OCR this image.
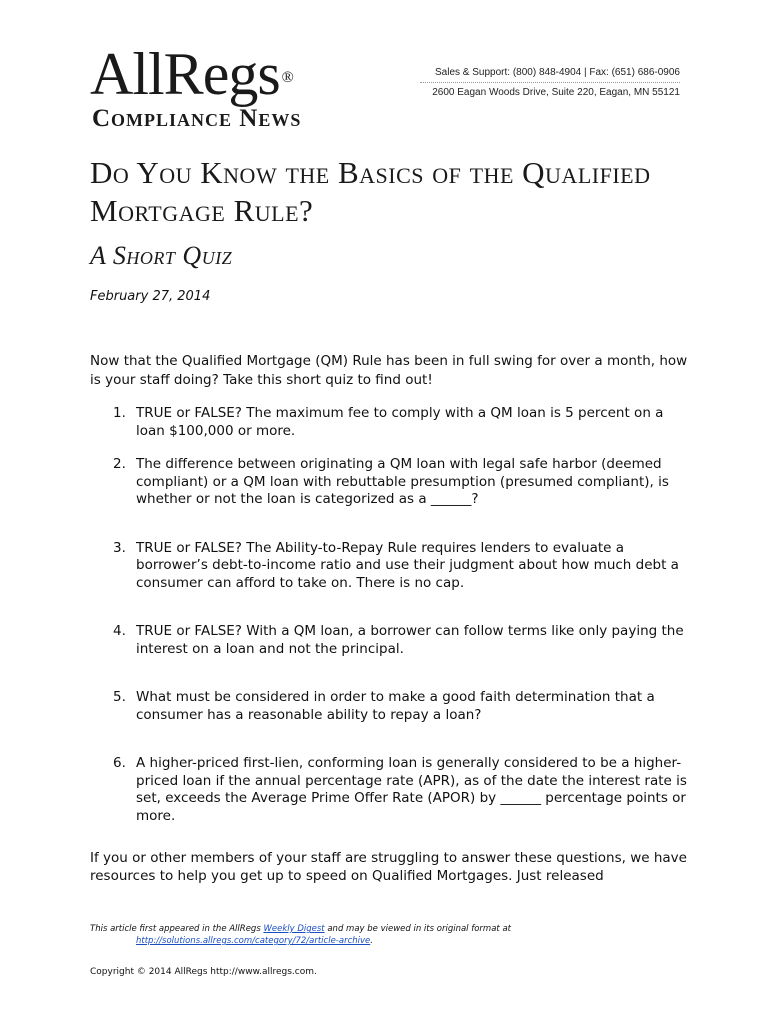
AllRegs ®
Compliance News
Sales & Support: (800) 848-4904 | Fax: (651) 686-0906
2600 Eagan Woods Drive, Suite 220, Eagan, MN 55121
Do You Know the Basics of the Qualified Mortgage Rule?
A Short Quiz
February 27, 2014
Now that the Qualified Mortgage (QM) Rule has been in full swing for over a month, how is your staff doing? Take this short quiz to find out!
1. TRUE or FALSE? The maximum fee to comply with a QM loan is 5 percent on a loan $100,000 or more.
2. The difference between originating a QM loan with legal safe harbor (deemed compliant) or a QM loan with rebuttable presumption (presumed compliant), is whether or not the loan is categorized as a ______?
3. TRUE or FALSE? The Ability-to-Repay Rule requires lenders to evaluate a borrower’s debt-to-income ratio and use their judgment about how much debt a consumer can afford to take on. There is no cap.
4. TRUE or FALSE? With a QM loan, a borrower can follow terms like only paying the interest on a loan and not the principal.
5. What must be considered in order to make a good faith determination that a consumer has a reasonable ability to repay a loan?
6. A higher-priced first-lien, conforming loan is generally considered to be a higher-priced loan if the annual percentage rate (APR), as of the date the interest rate is set, exceeds the Average Prime Offer Rate (APOR) by ______ percentage points or more.
If you or other members of your staff are struggling to answer these questions, we have resources to help you get up to speed on Qualified Mortgages. Just released
This article first appeared in the AllRegs Weekly Digest and may be viewed in its original format at
http://solutions.allregs.com/category/72/article-archive.
Copyright © 2014 AllRegs http://www.allregs.com.
